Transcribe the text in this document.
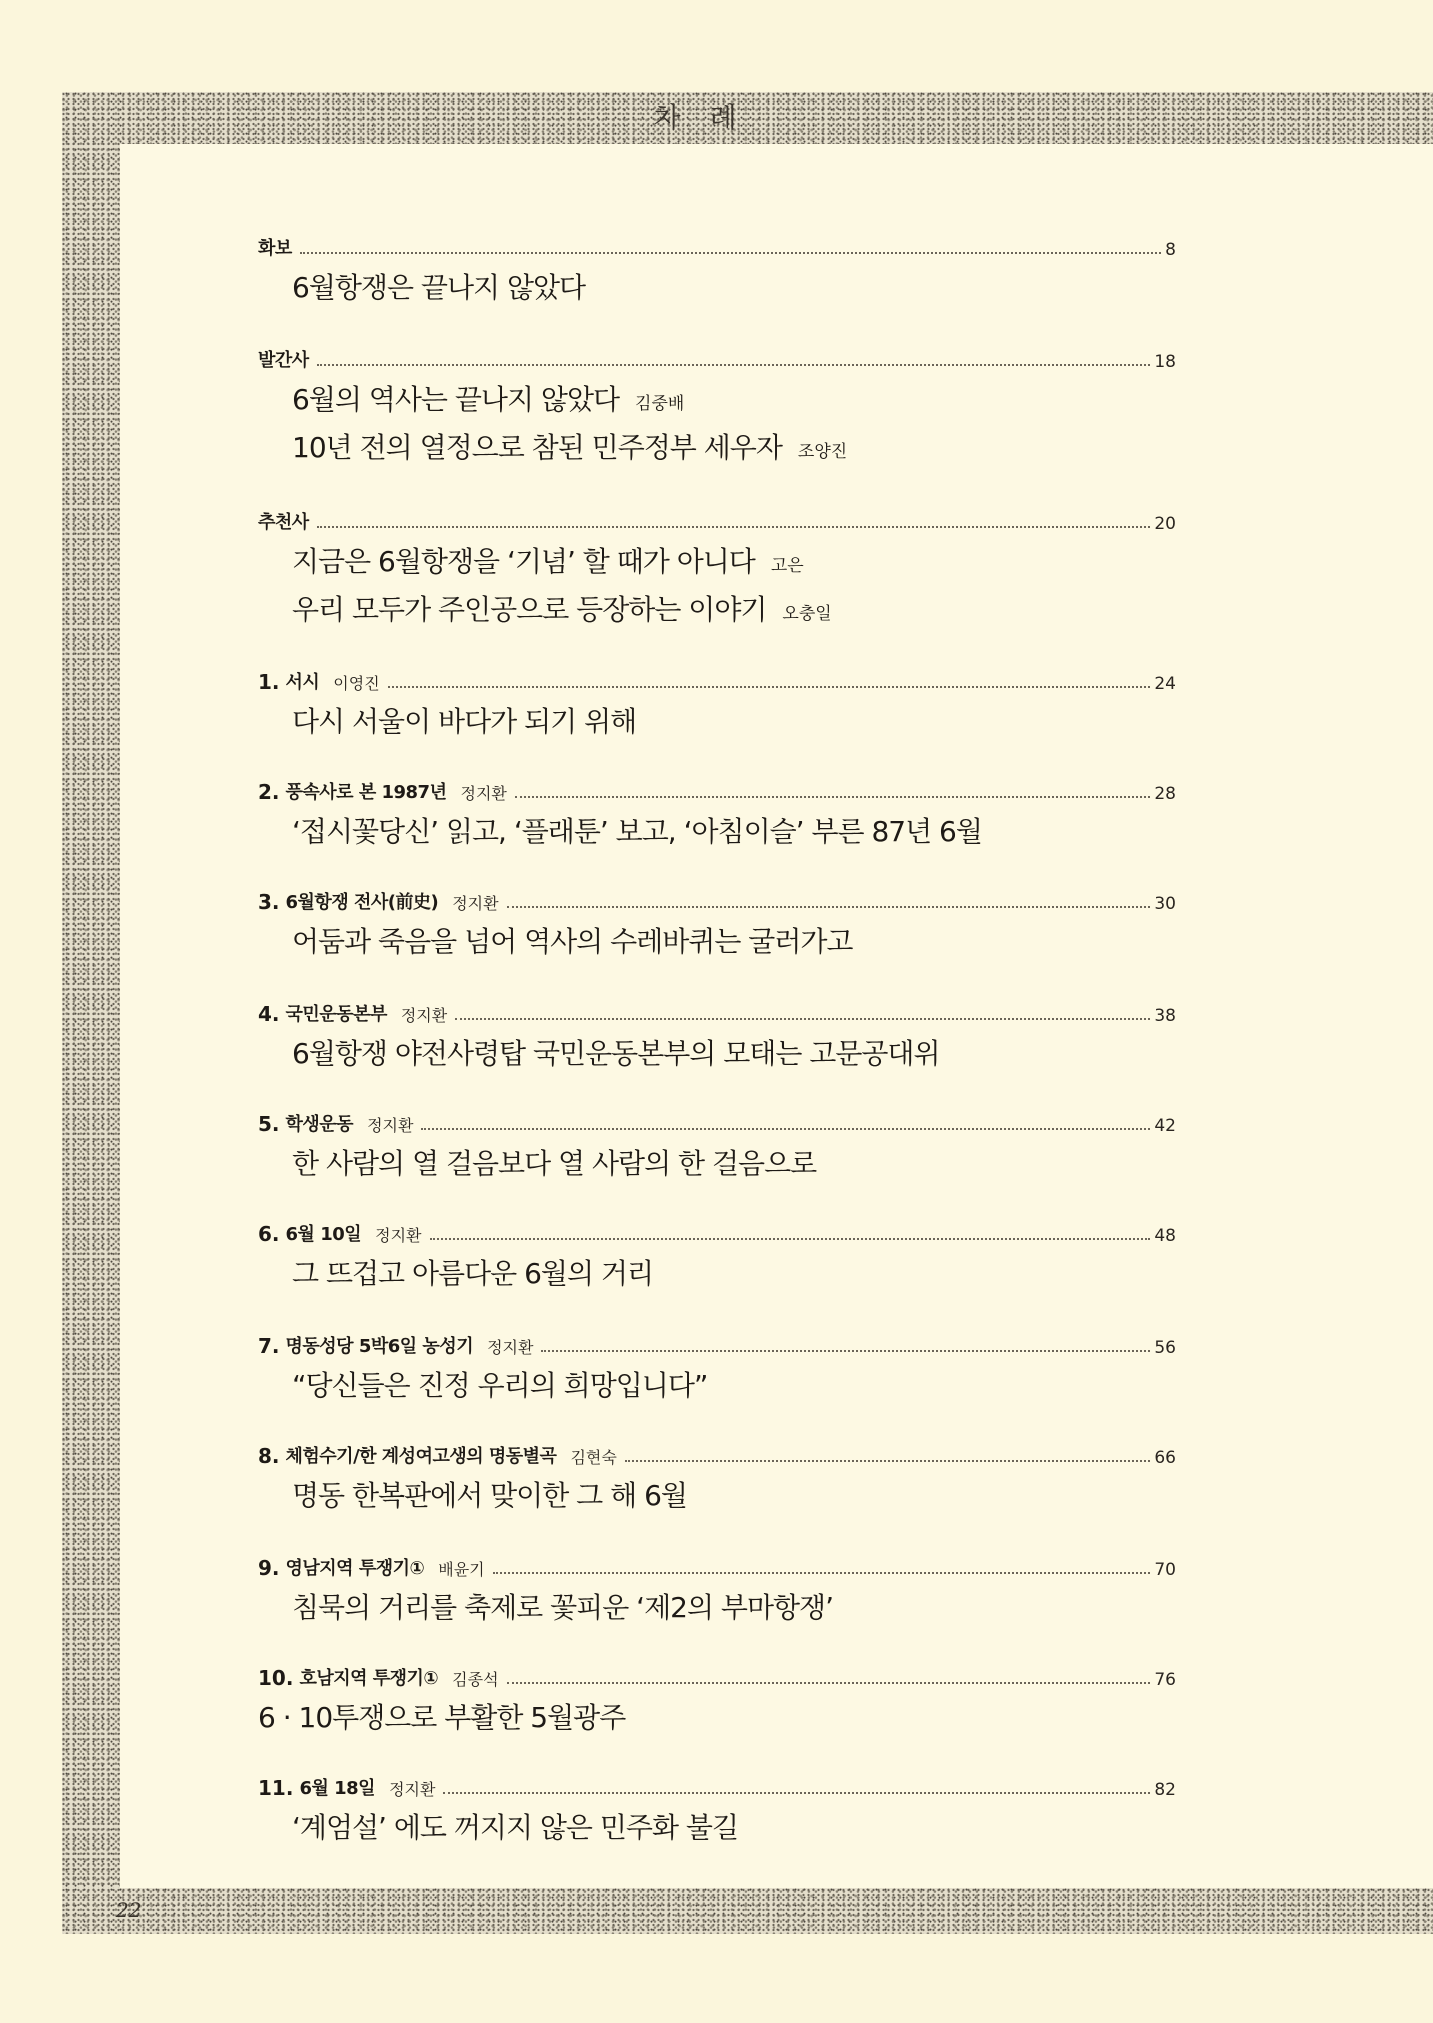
차 례
22
화보	8
6월항쟁은 끝나지 않았다
발간사	18
6월의 역사는 끝나지 않았다 김중배
10년 전의 열정으로 참된 민주정부 세우자 조양진
추천사	20
지금은 6월항쟁을 ‘기념’ 할 때가 아니다 고은
우리 모두가 주인공으로 등장하는 이야기 오충일
1. 서시 이영진	24
다시 서울이 바다가 되기 위해
2. 풍속사로 본 1987년 정지환	28
‘접시꽃당신’ 읽고, ‘플래툰’ 보고, ‘아침이슬’ 부른 87년 6월
3. 6월항쟁 전사(前史) 정지환	30
어둠과 죽음을 넘어 역사의 수레바퀴는 굴러가고
4. 국민운동본부 정지환	38
6월항쟁 야전사령탑 국민운동본부의 모태는 고문공대위
5. 학생운동 정지환	42
한 사람의 열 걸음보다 열 사람의 한 걸음으로
6. 6월 10일 정지환	48
그 뜨겁고 아름다운 6월의 거리
7. 명동성당 5박6일 농성기 정지환	56
“당신들은 진정 우리의 희망입니다”
8. 체험수기/한 계성여고생의 명동별곡 김현숙	66
명동 한복판에서 맞이한 그 해 6월
9. 영남지역 투쟁기① 배윤기	70
침묵의 거리를 축제로 꽃피운 ‘제2의 부마항쟁’
10. 호남지역 투쟁기① 김종석	76
6 · 10투쟁으로 부활한 5월광주
11. 6월 18일 정지환	82
‘계엄설’ 에도 꺼지지 않은 민주화 불길
